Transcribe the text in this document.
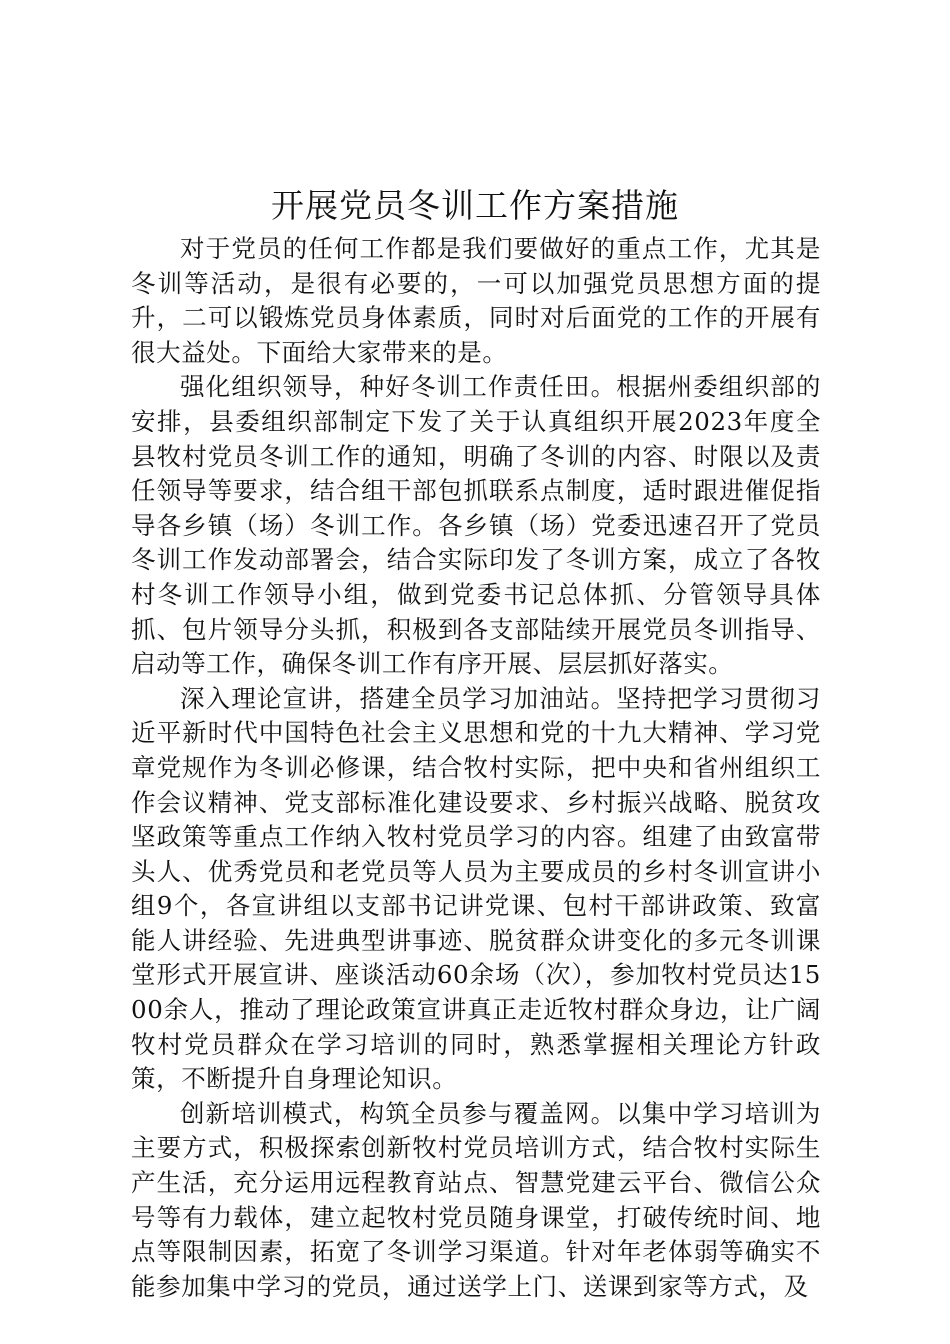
开展党员冬训工作方案措施

对于党员的任何工作都是我们要做好的重点工作，尤其是冬训等活动，是很有必要的，一可以加强党员思想方面的提升，二可以锻炼党员身体素质，同时对后面党的工作的开展有很大益处。下面给大家带来的是。

强化组织领导，种好冬训工作责任田。根据州委组织部的安排，县委组织部制定下发了关于认真组织开展2023年度全县牧村党员冬训工作的通知，明确了冬训的内容、时限以及责任领导等要求，结合组干部包抓联系点制度，适时跟进催促指导各乡镇（场）冬训工作。各乡镇（场）党委迅速召开了党员冬训工作发动部署会，结合实际印发了冬训方案，成立了各牧村冬训工作领导小组，做到党委书记总体抓、分管领导具体抓、包片领导分头抓，积极到各支部陆续开展党员冬训指导、启动等工作，确保冬训工作有序开展、层层抓好落实。

深入理论宣讲，搭建全员学习加油站。坚持把学习贯彻习近平新时代中国特色社会主义思想和党的十九大精神、学习党章党规作为冬训必修课，结合牧村实际，把中央和省州组织工作会议精神、党支部标准化建设要求、乡村振兴战略、脱贫攻坚政策等重点工作纳入牧村党员学习的内容。组建了由致富带头人、优秀党员和老党员等人员为主要成员的乡村冬训宣讲小组9个，各宣讲组以支部书记讲党课、包村干部讲政策、致富能人讲经验、先进典型讲事迹、脱贫群众讲变化的多元冬训课堂形式开展宣讲、座谈活动60余场（次），参加牧村党员达1500余人，推动了理论政策宣讲真正走近牧村群众身边，让广阔牧村党员群众在学习培训的同时，熟悉掌握相关理论方针政策，不断提升自身理论知识。

创新培训模式，构筑全员参与覆盖网。以集中学习培训为主要方式，积极探索创新牧村党员培训方式，结合牧村实际生产生活，充分运用远程教育站点、智慧党建云平台、微信公众号等有力载体，建立起牧村党员随身课堂，打破传统时间、地点等限制因素，拓宽了冬训学习渠道。针对年老体弱等确实不能参加集中学习的党员，通过送学上门、送课到家等方式，及
